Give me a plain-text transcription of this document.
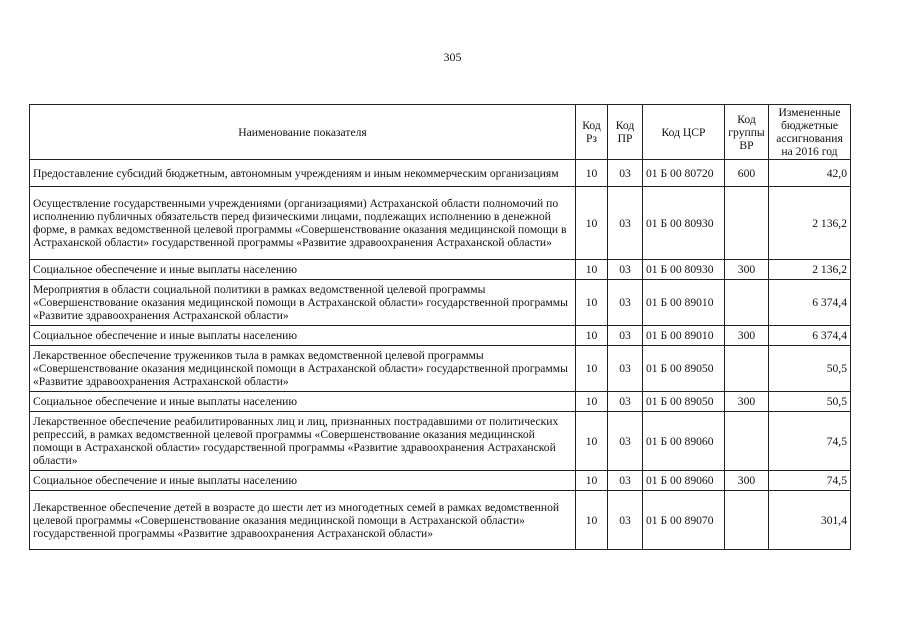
305
Наименование показателя	Код Рз	Код ПР	Код ЦСР	Код группы ВР	Измененные бюджетные ассигнования на 2016 год
Предоставление субсидий бюджетным, автономным учреждениям и иным некоммерческим организациям	10	03	01 Б 00 80720	600	42,0
Осуществление государственными учреждениями (организациями) Астраханской области полномочий по исполнению публичных обязательств перед физическими лицами, подлежащих исполнению в денежной форме, в рамках ведомственной целевой программы «Совершенствование оказания медицинской помощи в Астраханской области» государственной программы «Развитие здравоохранения Астраханской области»	10	03	01 Б 00 80930		2 136,2
Социальное обеспечение и иные выплаты населению	10	03	01 Б 00 80930	300	2 136,2
Мероприятия в области социальной политики в рамках ведомственной целевой программы «Совершенствование оказания медицинской помощи в Астраханской области» государственной программы «Развитие здравоохранения Астраханской области»	10	03	01 Б 00 89010		6 374,4
Социальное обеспечение и иные выплаты населению	10	03	01 Б 00 89010	300	6 374,4
Лекарственное обеспечение тружеников тыла в рамках ведомственной целевой программы «Совершенствование оказания медицинской помощи в Астраханской области» государственной программы «Развитие здравоохранения Астраханской области»	10	03	01 Б 00 89050		50,5
Социальное обеспечение и иные выплаты населению	10	03	01 Б 00 89050	300	50,5
Лекарственное обеспечение реабилитированных лиц и лиц, признанных пострадавшими от политических репрессий, в рамках ведомственной целевой программы «Совершенствование оказания медицинской помощи в Астраханской области» государственной программы «Развитие здравоохранения Астраханской области»	10	03	01 Б 00 89060		74,5
Социальное обеспечение и иные выплаты населению	10	03	01 Б 00 89060	300	74,5
Лекарственное обеспечение детей в возрасте до шести лет из многодетных семей в рамках ведомственной целевой программы «Совершенствование оказания медицинской помощи в Астраханской области» государственной программы «Развитие здравоохранения Астраханской области»	10	03	01 Б 00 89070		301,4
